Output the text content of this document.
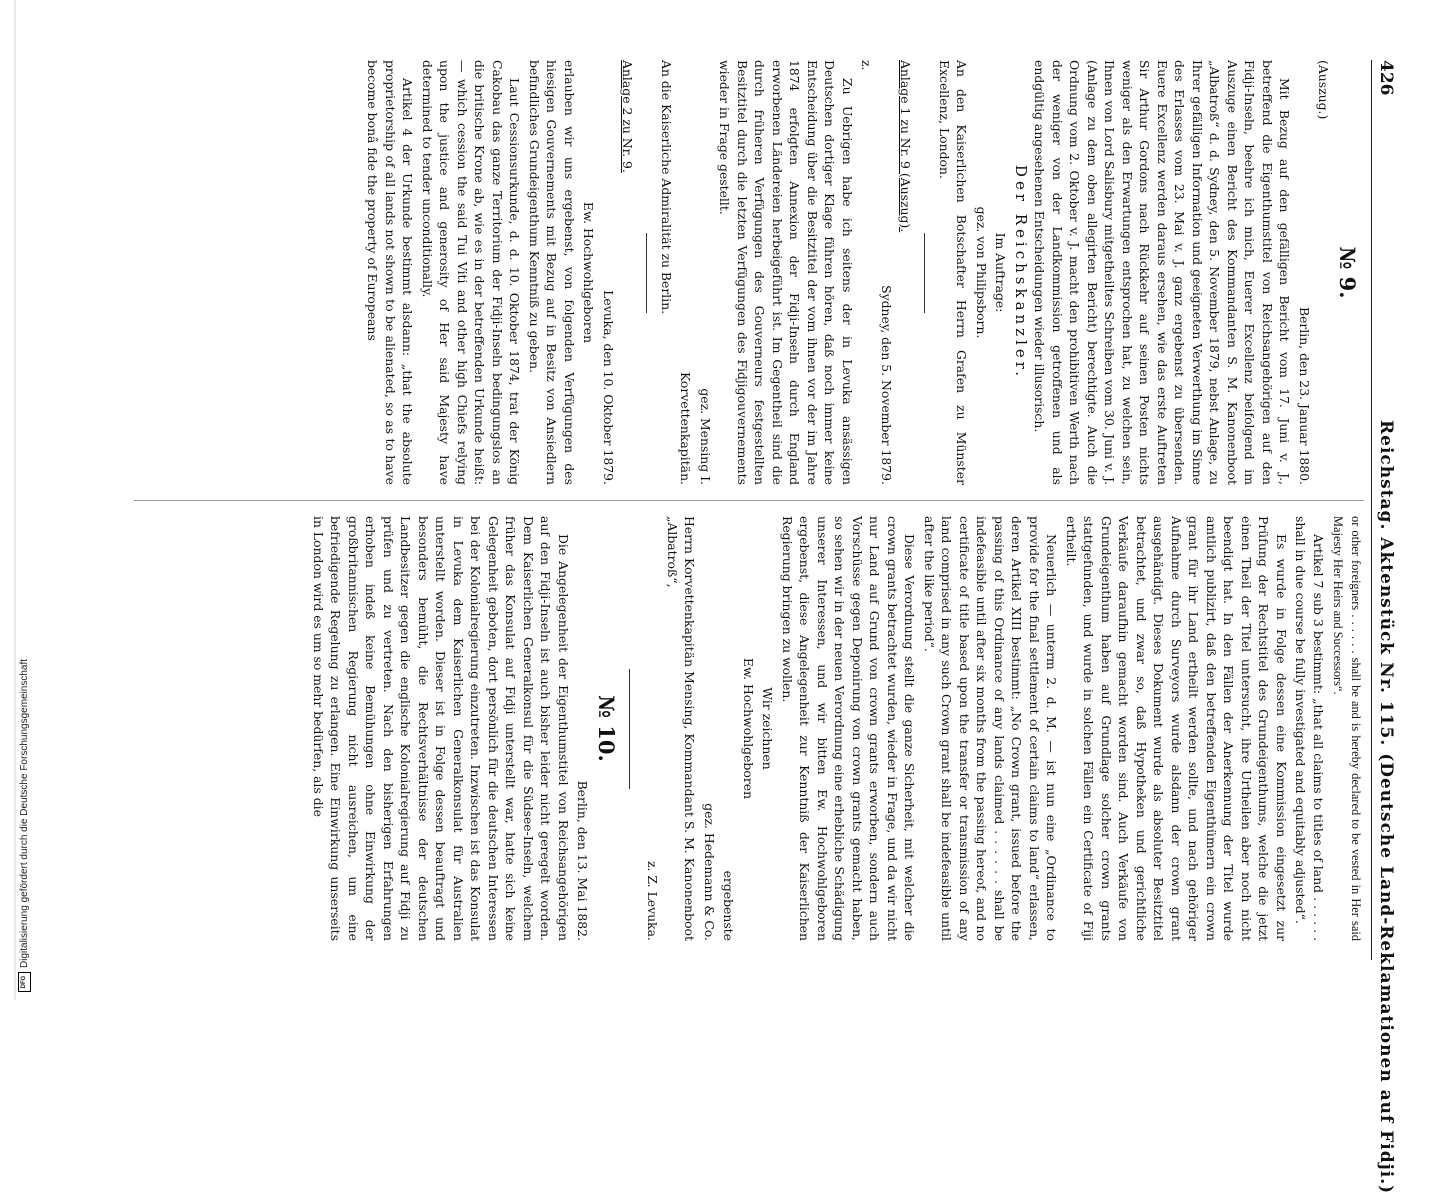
DFG
Digitalisierung gefördert durch die Deutsche Forschungsgemeinschaft
426
Reichstag. Aktenstück Nr. 115. (Deutsche Land-Reklamationen auf Fidji.)
№ 9.

(Auszug.)

Berlin, den 23. Januar 1880.

Mit Bezug auf den gefälligen Bericht vom 17. Juni v. J., betreffend die Eigenthumstitel von Reichsangehörigen auf den Fidji-Inseln, beehre ich mich, Euerer Excellenz beifolgend im Auszuge einen Bericht des Kommandanten S. M. Kanonenboot „Albatroß“ d. d. Sydney, den 5. November 1879, nebst Anlage, zu Ihrer gefälligen Information und geeigneten Verwerthung im Sinne des Erlasses vom 23. Mai v. J. ganz ergebenst zu übersenden. Euere Excellenz werden daraus ersehen, wie das erste Auftreten Sir Arthur Gordons nach Rückkehr auf seinen Posten nichts weniger als den Erwartungen entsprochen hat, zu welchen sein, Ihnen von Lord Salisbury mitgetheiltes Schreiben vom 30. Juni v. J. (Anlage zu dem oben allegirten Bericht) berechtigte. Auch die Ordnung vom 2. Oktober v. J. macht den prohibitiven Werth nach der weniger von der Landkommission getroffenen und als endgültig angesehenen Entscheidungen wieder illusorisch.

Der Reichskanzler.

Im Auftrage:

gez. von Philipsborn.

An den Kaiserlichen Botschafter Herrn Grafen zu Münster Excellenz, London.

Anlage 1 zu Nr. 9 (Auszug).

Sydney, den 5. November 1879.

z.

Zu Uebrigen habe ich seitens der in Levuka ansässigen Deutschen dortiger Klage führen hören, daß noch immer keine Entscheidung über die Besitztitel der vom ihnen vor der im Jahre 1874 erfolgten Annexion der Fidji-Inseln durch England erworbenen Ländereien herbeigeführt ist. Im Gegentheil sind die durch früheren Verfügungen des Gouverneurs festgestellten Besitztitel durch die letzten Verfügungen des Fidjigouvernements wieder in Frage gestellt.

gez. Mensing I.

Korvettenkapitän.

An die Kaiserliche Admiralität zu Berlin.

Anlage 2 zu Nr. 9.

Levuka, den 10. Oktober 1879.

Ew. Hochwohlgeboren

erlauben wir uns ergebenst, von folgenden Verfügungen des hiesigen Gouvernements mit Bezug auf in Besitz von Ansiedlern befindliches Grundeigenthum Kenntniß zu geben.

Laut Cessionsurkunde, d. d. 10. Oktober 1874, trat der König Cakobau das ganze Territorium der Fidji-Inseln bedingungslos an die britische Krone ab, wie es in der betreffenden Urkunde heißt: — which cession the said Tui Viti and other high Chiefs relying upon the justice and generosity of Her said Majesty have determined to tender unconditionally.

Artikel 4 der Urkunde bestimmt alsdann: „that the absolute proprietorship of all lands not shown to be alienated, so as to have become bonâ fide the property of Europeans

or other foreigners . . . . . . shall be and is hereby declared to be vested in Her said Majesty Her Heirs and Successors“.

Artikel 7 sub 3 bestimmt: „that all claims to titles of land . . . . . . shall in due course be fully investigated and equitably adjusted“.

Es wurde in Folge dessen eine Kommission eingesetzt zur Prüfung der Rechtstitel des Grundeigenthums, welche die jetzt einen Theil der Titel untersucht, ihre Urtheilen aber noch nicht beendigt hat. In den Fällen der Anerkennung der Titel wurde amtlich publizirt, daß den betreffenden Eigenthümern ein crown grant für ihr Land ertheilt werden sollte, und nach gehöriger Aufnahme durch Surveyors wurde alsdann der crown grant ausgehändigt. Dieses Dokument wurde als absoluter Besitztitel betrachtet, und zwar so, daß Hypotheken und gerichtliche Verkäufe daraufhin gemacht worden sind. Auch Verkäufe von Grundeigenthum haben auf Grundlage solcher crown grants stattgefunden, und wurde in solchen Fällen ein Certificate of Fiji ertheilt.

Neuerlich — unterm 2. d. M. — ist nun eine „Ordinance to provide for the final settlement of certain claims to land“ erlassen, deren Artikel XIII bestimmt: „No Crown grant, issued before the passing of this Ordinance of any lands claimed . . . . . . shall be indefeasible until after six months from the passing hereof, and no certificate of title based upon the transfer or transmission of any land comprised in any such Crown grant shall be indefeasible until after the like period“.

Diese Verordnung stellt die ganze Sicherheit, mit welcher die crown grants betrachtet wurden, wieder in Frage, und da wir nicht nur Land auf Grund von crown grants erworben, sondern auch Vorschüsse gegen Deponirung von crown grants gemacht haben, so sehen wir in der neuen Verordnung eine erhebliche Schädigung unserer Interessen, und wir bitten Ew. Hochwohlgeboren ergebenst, diese Angelegenheit zur Kenntniß der Kaiserlichen Regierung bringen zu wollen.

Wir zeichnen

Ew. Hochwohlgeboren

ergebenste

gez. Hedemann & Co.

Herrn Korvettenkapitän Mensing, Kommandant S. M. Kanonenboot „Albatroß“,

z. Z. Levuka.

№ 10.

Berlin, den 13. Mai 1882.

Die Angelegenheit der Eigenthumstitel von Reichsangehörigen auf den Fidji-Inseln ist auch bisher leider nicht geregelt worden. Dem Kaiserlichen Generalkonsul für die Südsee-Inseln, welchem früher das Konsulat auf Fidji unterstellt war, hatte sich keine Gelegenheit geboten, dort persönlich für die deutschen Interessen bei der Kolonialregierung einzutreten. Inzwischen ist das Konsulat in Levuka dem Kaiserlichen Generalkonsulat für Australien unterstellt worden. Dieser ist in Folge dessen beauftragt und besonders bemüht, die Rechtsverhältnisse der deutschen Landbesitzer gegen die englische Kolonialregierung auf Fidji zu prüfen und zu vertreten. Nach den bisherigen Erfahrungen erhoben indeß keine Bemühungen ohne Einwirkung der großbritannischen Regierung nicht ausreichen, um eine befriedigende Regelung zu erlangen. Eine Einwirkung unserseits in London wird es um so mehr bedürfen, als die
